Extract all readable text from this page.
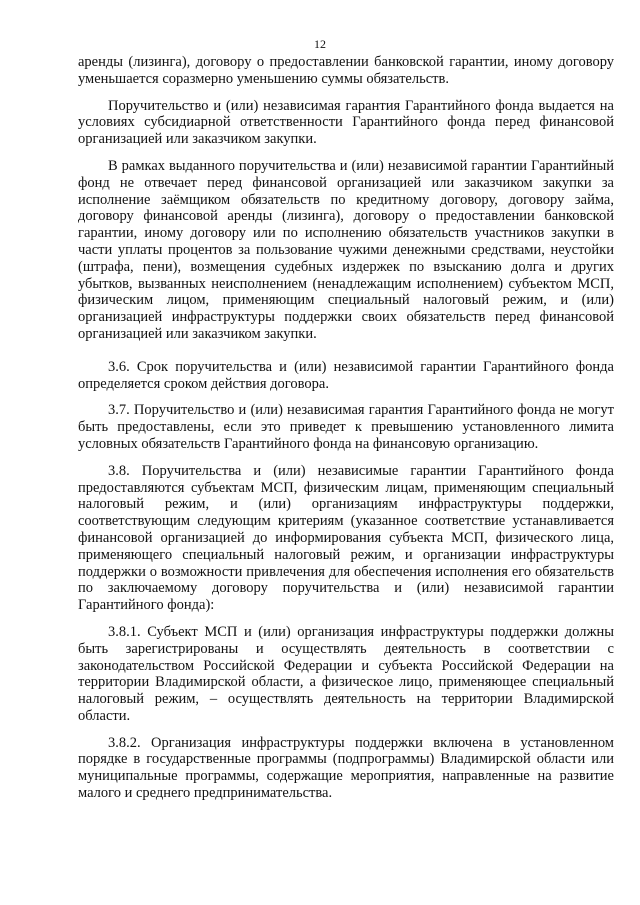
12

аренды (лизинга), договору о предоставлении банковской гарантии, иному договору уменьшается соразмерно уменьшению суммы обязательств.

Поручительство и (или) независимая гарантия Гарантийного фонда выдается на условиях субсидиарной ответственности Гарантийного фонда перед финансовой организацией или заказчиком закупки.

В рамках выданного поручительства и (или) независимой гарантии Гарантийный фонд не отвечает перед финансовой организацией или заказчиком закупки за исполнение заёмщиком обязательств по кредитному договору, договору займа, договору финансовой аренды (лизинга), договору о предоставлении банковской гарантии, иному договору или по исполнению обязательств участников закупки в части уплаты процентов за пользование чужими денежными средствами, неустойки (штрафа, пени), возмещения судебных издержек по взысканию долга и других убытков, вызванных неисполнением (ненадлежащим исполнением) субъектом МСП, физическим лицом, применяющим специальный налоговый режим, и (или) организацией инфраструктуры поддержки своих обязательств перед финансовой организацией или заказчиком закупки.

3.6. Срок поручительства и (или) независимой гарантии Гарантийного фонда определяется сроком действия договора.

3.7. Поручительство и (или) независимая гарантия Гарантийного фонда не могут быть предоставлены, если это приведет к превышению установленного лимита условных обязательств Гарантийного фонда на финансовую организацию.

3.8. Поручительства и (или) независимые гарантии Гарантийного фонда предоставляются субъектам МСП, физическим лицам, применяющим специальный налоговый режим, и (или) организациям инфраструктуры поддержки, соответствующим следующим критериям (указанное соответствие устанавливается финансовой организацией до информирования субъекта МСП, физического лица, применяющего специальный налоговый режим, и организации инфраструктуры поддержки о возможности привлечения для обеспечения исполнения его обязательств по заключаемому договору поручительства и (или) независимой гарантии Гарантийного фонда):

3.8.1. Субъект МСП и (или) организация инфраструктуры поддержки должны быть зарегистрированы и осуществлять деятельность в соответствии с законодательством Российской Федерации и субъекта Российской Федерации на территории Владимирской области, а физическое лицо, применяющее специальный налоговый режим, – осуществлять деятельность на территории Владимирской области.

3.8.2. Организация инфраструктуры поддержки включена в установленном порядке в государственные программы (подпрограммы) Владимирской области или муниципальные программы, содержащие мероприятия, направленные на развитие малого и среднего предпринимательства.
